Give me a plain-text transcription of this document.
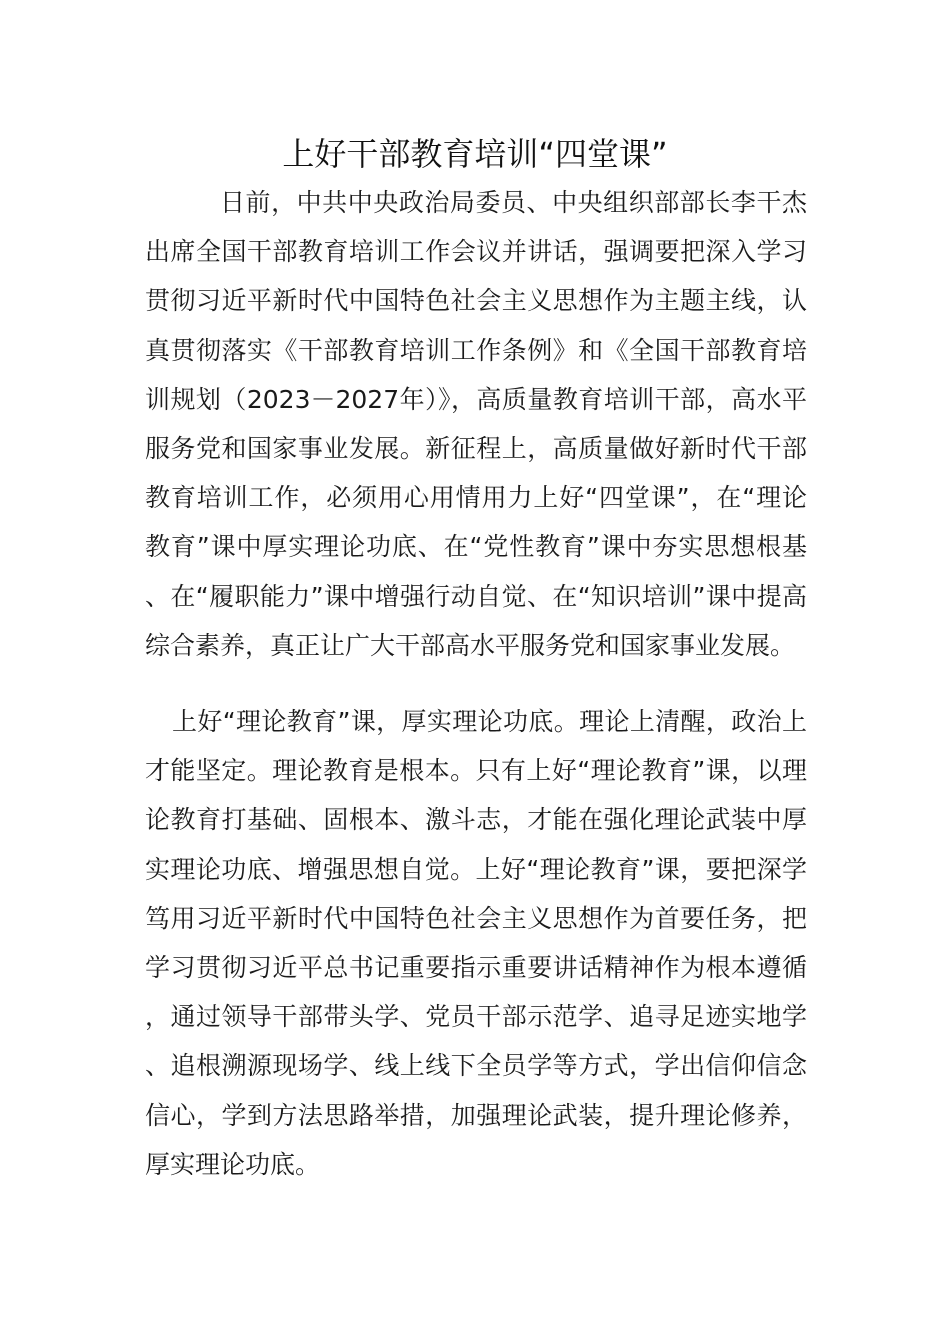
上好干部教育培训“四堂课”

日前，中共中央政治局委员、中央组织部部长李干杰出席全国干部教育培训工作会议并讲话，强调要把深入学习贯彻习近平新时代中国特色社会主义思想作为主题主线，认真贯彻落实《干部教育培训工作条例》和《全国干部教育培训规划（2023－2027年）》，高质量教育培训干部，高水平服务党和国家事业发展。新征程上，高质量做好新时代干部教育培训工作，必须用心用情用力上好“四堂课”，在“理论教育”课中厚实理论功底、在“党性教育”课中夯实思想根基、在“履职能力”课中增强行动自觉、在“知识培训”课中提高综合素养，真正让广大干部高水平服务党和国家事业发展。

上好“理论教育”课，厚实理论功底。理论上清醒，政治上才能坚定。理论教育是根本。只有上好“理论教育”课，以理论教育打基础、固根本、激斗志，才能在强化理论武装中厚实理论功底、增强思想自觉。上好“理论教育”课，要把深学笃用习近平新时代中国特色社会主义思想作为首要任务，把学习贯彻习近平总书记重要指示重要讲话精神作为根本遵循，通过领导干部带头学、党员干部示范学、追寻足迹实地学、追根溯源现场学、线上线下全员学等方式，学出信仰信念信心，学到方法思路举措，加强理论武装，提升理论修养，厚实理论功底。
